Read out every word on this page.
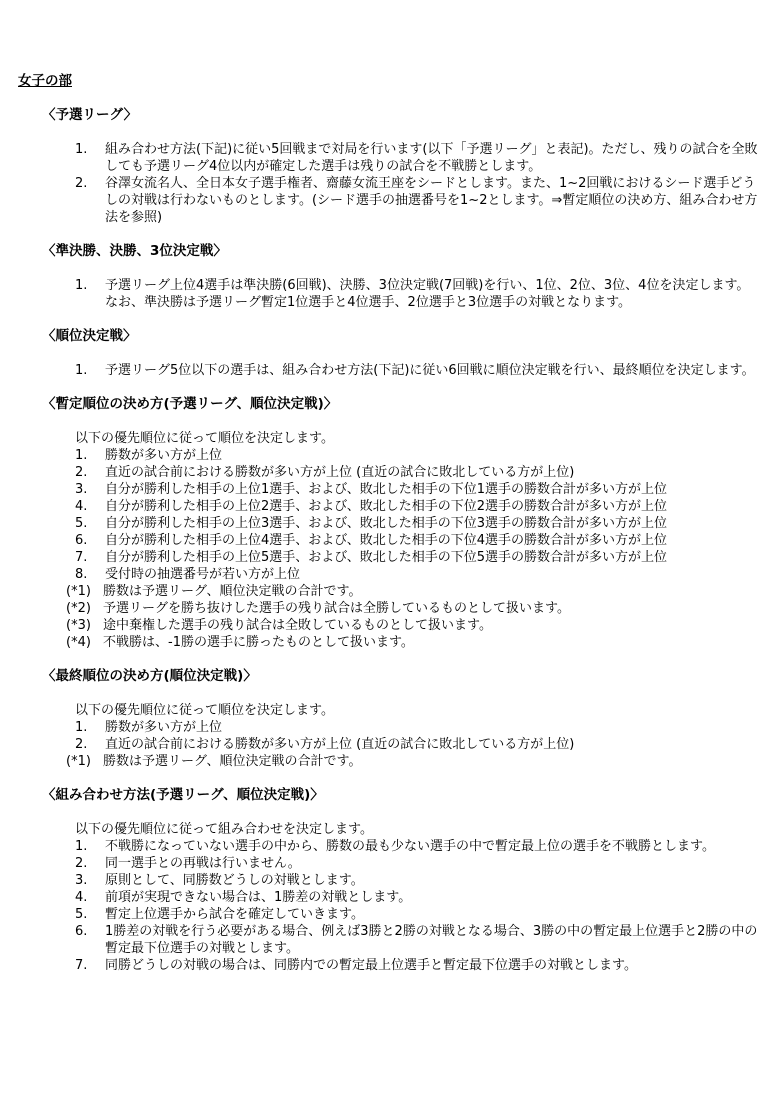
女子の部
〈予選リーグ〉
1.	組み合わせ方法(下記)に従い5回戦まで対局を行います(以下「予選リーグ」と表記)。ただし、残りの試合を全敗しても予選リーグ4位以内が確定した選手は残りの試合を不戦勝とします。
2.	谷澤女流名人、全日本女子選手権者、齋藤女流王座をシードとします。また、1~2回戦におけるシード選手どうしの対戦は行わないものとします。(シード選手の抽選番号を1~2とします。⇒暫定順位の決め方、組み合わせ方法を参照)
〈準決勝、決勝、3位決定戦〉
1.	予選リーグ上位4選手は準決勝(6回戦)、決勝、3位決定戦(7回戦)を行い、1位、2位、3位、4位を決定します。なお、準決勝は予選リーグ暫定1位選手と4位選手、2位選手と3位選手の対戦となります。
〈順位決定戦〉
1.	予選リーグ5位以下の選手は、組み合わせ方法(下記)に従い6回戦に順位決定戦を行い、最終順位を決定します。
〈暫定順位の決め方(予選リーグ、順位決定戦)〉
以下の優先順位に従って順位を決定します。
1.	勝数が多い方が上位
2.	直近の試合前における勝数が多い方が上位 (直近の試合に敗北している方が上位)
3.	自分が勝利した相手の上位1選手、および、敗北した相手の下位1選手の勝数合計が多い方が上位
4.	自分が勝利した相手の上位2選手、および、敗北した相手の下位2選手の勝数合計が多い方が上位
5.	自分が勝利した相手の上位3選手、および、敗北した相手の下位3選手の勝数合計が多い方が上位
6.	自分が勝利した相手の上位4選手、および、敗北した相手の下位4選手の勝数合計が多い方が上位
7.	自分が勝利した相手の上位5選手、および、敗北した相手の下位5選手の勝数合計が多い方が上位
8.	受付時の抽選番号が若い方が上位
(*1) 勝数は予選リーグ、順位決定戦の合計です。
(*2) 予選リーグを勝ち抜けした選手の残り試合は全勝しているものとして扱います。
(*3) 途中棄権した選手の残り試合は全敗しているものとして扱います。
(*4) 不戦勝は、-1勝の選手に勝ったものとして扱います。
〈最終順位の決め方(順位決定戦)〉
以下の優先順位に従って順位を決定します。
1.	勝数が多い方が上位
2.	直近の試合前における勝数が多い方が上位 (直近の試合に敗北している方が上位)
(*1) 勝数は予選リーグ、順位決定戦の合計です。
〈組み合わせ方法(予選リーグ、順位決定戦)〉
以下の優先順位に従って組み合わせを決定します。
1.	不戦勝になっていない選手の中から、勝数の最も少ない選手の中で暫定最上位の選手を不戦勝とします。
2.	同一選手との再戦は行いません。
3.	原則として、同勝数どうしの対戦とします。
4.	前項が実現できない場合は、1勝差の対戦とします。
5.	暫定上位選手から試合を確定していきます。
6.	1勝差の対戦を行う必要がある場合、例えば3勝と2勝の対戦となる場合、3勝の中の暫定最上位選手と2勝の中の暫定最下位選手の対戦とします。
7.	同勝どうしの対戦の場合は、同勝内での暫定最上位選手と暫定最下位選手の対戦とします。
